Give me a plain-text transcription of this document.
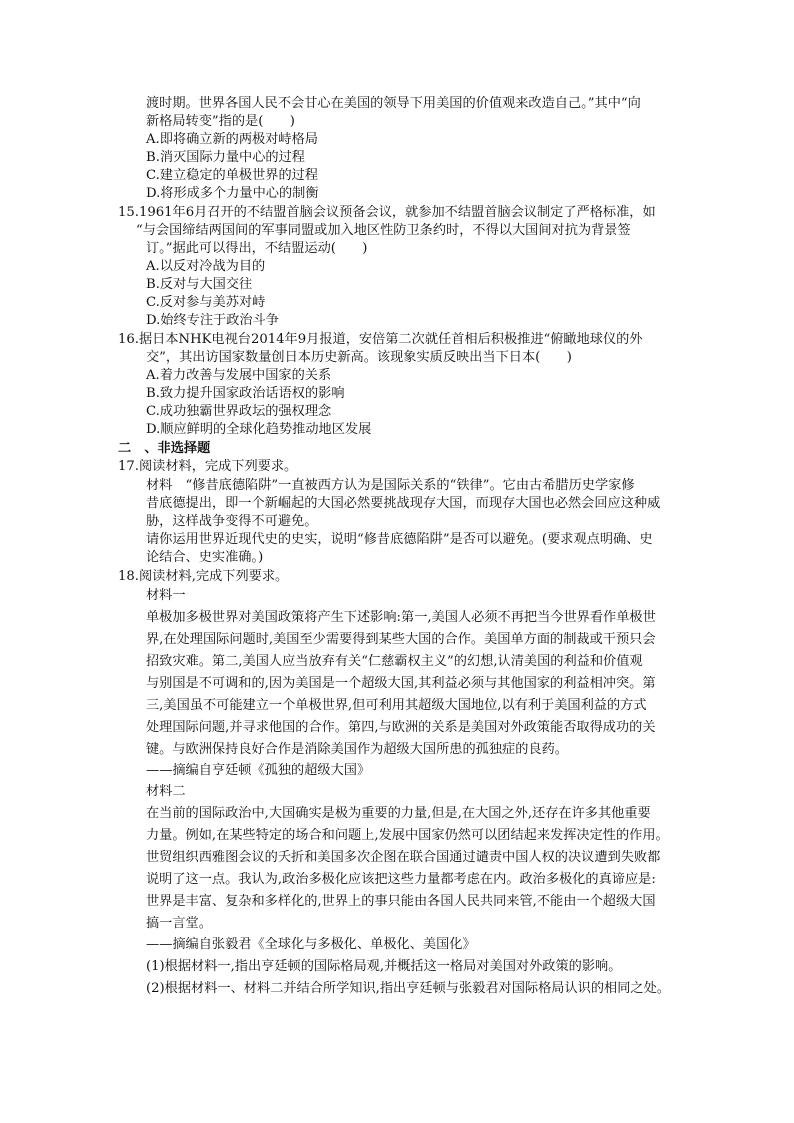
渡时期。世界各国人民不会甘心在美国的领导下用美国的价值观来改造自己。”其中“向
新格局转变”指的是(　　)
A.即将确立新的两极对峙格局
B.消灭国际力量中心的过程
C.建立稳定的单极世界的过程
D.将形成多个力量中心的制衡
15.1961年6月召开的不结盟首脑会议预备会议，就参加不结盟首脑会议制定了严格标准，如
“与会国缔结两国间的军事同盟或加入地区性防卫条约时，不得以大国间对抗为背景签
订。”据此可以得出，不结盟运动(　　)
A.以反对冷战为目的
B.反对与大国交往
C.反对参与美苏对峙
D.始终专注于政治斗争
16.据日本NHK电视台2014年9月报道，安倍第二次就任首相后积极推进“俯瞰地球仪的外
交”，其出访国家数量创日本历史新高。该现象实质反映出当下日本(　　)
A.着力改善与发展中国家的关系
B.致力提升国家政治话语权的影响
C.成功独霸世界政坛的强权理念
D.顺应鲜明的全球化趋势推动地区发展
二　、非选择题
17.阅读材料，完成下列要求。
材料　“修昔底德陷阱”一直被西方认为是国际关系的“铁律”。它由古希腊历史学家修
昔底德提出，即一个新崛起的大国必然要挑战现存大国，而现存大国也必然会回应这种威
胁，这样战争变得不可避免。
请你运用世界近现代史的史实，说明“修昔底德陷阱”是否可以避免。(要求观点明确、史
论结合、史实准确。)
18.阅读材料,完成下列要求。
材料一
单极加多极世界对美国政策将产生下述影响:第一,美国人必须不再把当今世界看作单极世
界,在处理国际问题时,美国至少需要得到某些大国的合作。美国单方面的制裁或干预只会
招致灾难。第二,美国人应当放弃有关“仁慈霸权主义”的幻想,认清美国的利益和价值观
与别国是不可调和的,因为美国是一个超级大国,其利益必须与其他国家的利益相冲突。第
三,美国虽不可能建立一个单极世界,但可利用其超级大国地位,以有利于美国利益的方式
处理国际问题,并寻求他国的合作。第四,与欧洲的关系是美国对外政策能否取得成功的关
键。与欧洲保持良好合作是消除美国作为超级大国所患的孤独症的良药。
——摘编自亨廷顿《孤独的超级大国》
材料二
在当前的国际政治中,大国确实是极为重要的力量,但是,在大国之外,还存在许多其他重要
力量。例如,在某些特定的场合和问题上,发展中国家仍然可以团结起来发挥决定性的作用。
世贸组织西雅图会议的夭折和美国多次企图在联合国通过谴责中国人权的决议遭到失败都
说明了这一点。我认为,政治多极化应该把这些力量都考虑在内。政治多极化的真谛应是:
世界是丰富、复杂和多样化的,世界上的事只能由各国人民共同来管,不能由一个超级大国
搞一言堂。
——摘编自张毅君《全球化与多极化、单极化、美国化》
(1)根据材料一,指出亨廷顿的国际格局观,并概括这一格局对美国对外政策的影响。
(2)根据材料一、材料二并结合所学知识,指出亨廷顿与张毅君对国际格局认识的相同之处。
